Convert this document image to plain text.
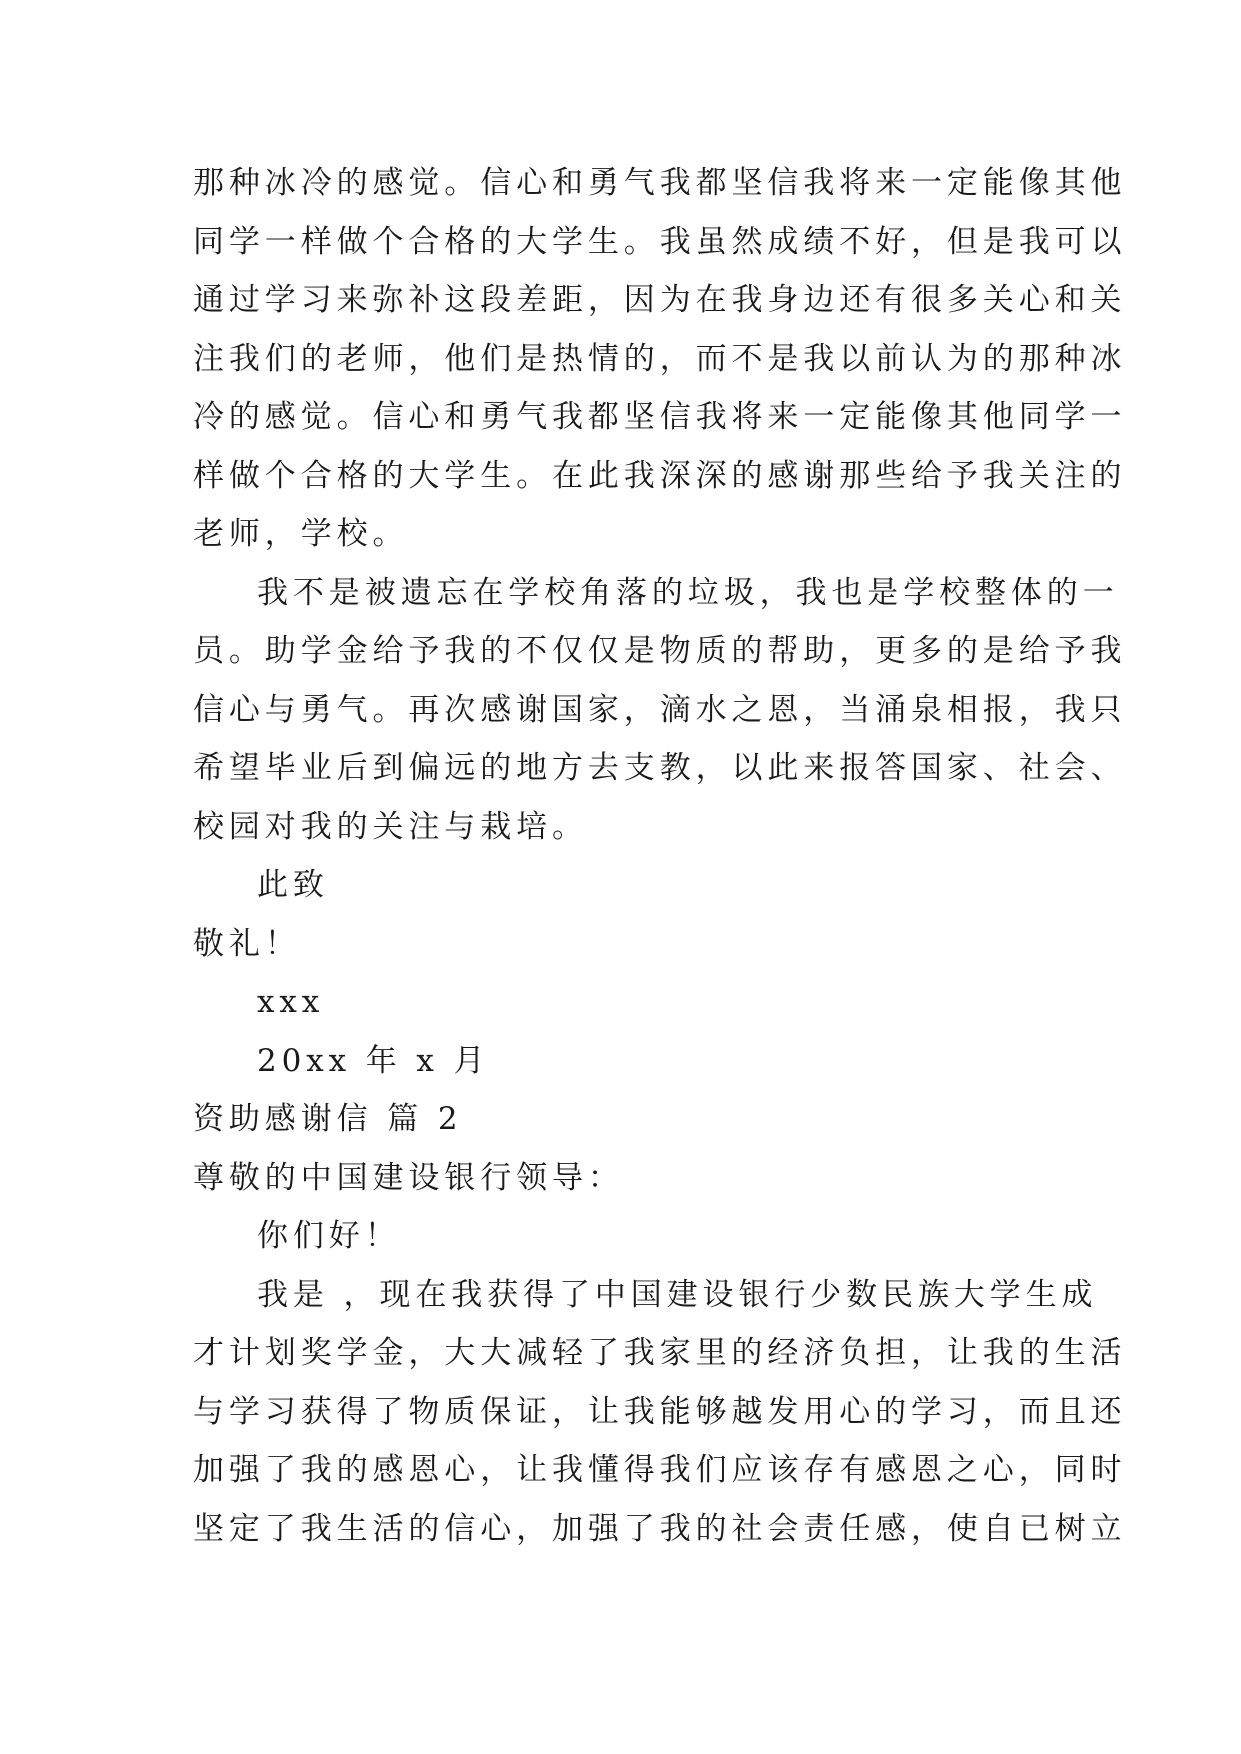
那种冰冷的感觉。信心和勇气我都坚信我将来一定能像其他
同学一样做个合格的大学生。我虽然成绩不好，但是我可以
通过学习来弥补这段差距，因为在我身边还有很多关心和关
注我们的老师，他们是热情的，而不是我以前认为的那种冰
冷的感觉。信心和勇气我都坚信我将来一定能像其他同学一
样做个合格的大学生。在此我深深的感谢那些给予我关注的
老师，学校。
我不是被遗忘在学校角落的垃圾，我也是学校整体的一
员。助学金给予我的不仅仅是物质的帮助，更多的是给予我
信心与勇气。再次感谢国家，滴水之恩，当涌泉相报，我只
希望毕业后到偏远的地方去支教，以此来报答国家、社会、
校园对我的关注与栽培。
此致
敬礼！
xxx
20xx 年 x 月
资助感谢信 篇 2
尊敬的中国建设银行领导：
你们好！
我是 ，现在我获得了中国建设银行少数民族大学生成
才计划奖学金，大大减轻了我家里的经济负担，让我的生活
与学习获得了物质保证，让我能够越发用心的学习，而且还
加强了我的感恩心，让我懂得我们应该存有感恩之心，同时
坚定了我生活的信心，加强了我的社会责任感，使自已树立
